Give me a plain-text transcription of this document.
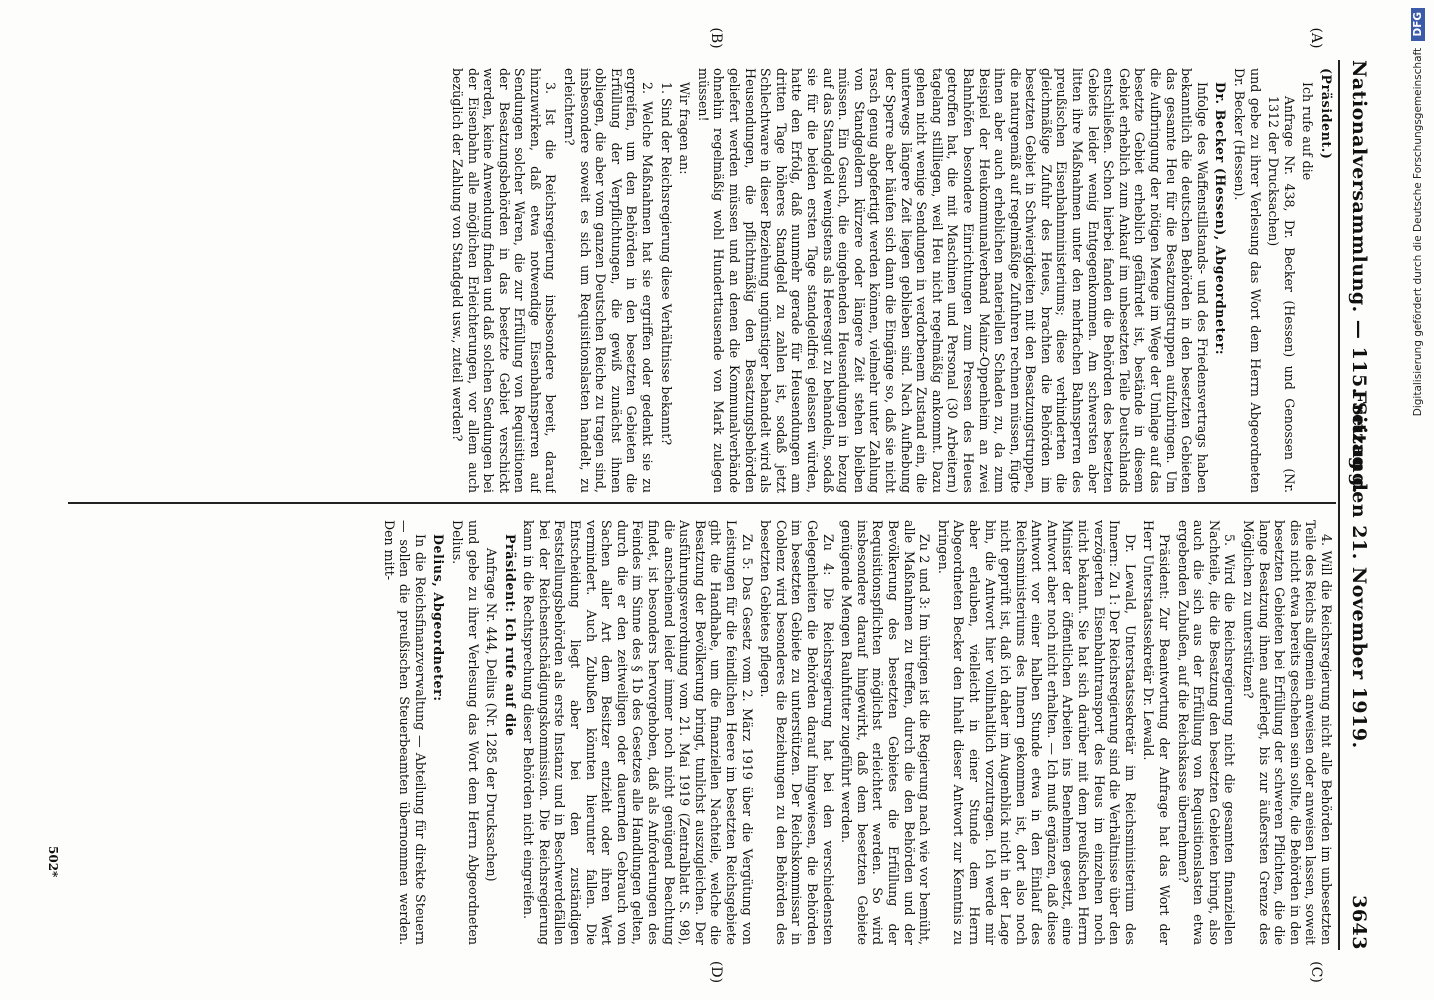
Nationalversammlung. — 115. Sitzung.
Freitag den 21. November 1919.
3643
(A)
(B)
(C)
(D)

(Präsident.)

Ich rufe auf die

Anfrage Nr. 438, Dr. Becker (Hessen) und Genossen (Nr. 1312 der Drucksachen)

und gebe zu ihrer Verlesung das Wort dem Herrn Abgeordneten Dr. Becker (Hessen).

Dr. Becker (Hessen), Abgeordneter:

Infolge des Waffenstillstands- und des Friedensvertrags haben bekanntlich die deutschen Behörden in den besetzten Gebieten das gesamte Heu für die Besatzungstruppen aufzubringen. Um die Aufbringung der nötigen Menge im Wege der Umlage auf das besetzte Gebiet erheblich gefährdet ist, bestände in diesem Gebiet erheblich zum Ankauf im unbesetzten Teile Deutschlands entschließen. Schon hierbei fanden die Behörden des besetzten Gebiets leider wenig Entgegenkommen. Am schwersten aber litten ihre Maßnahmen unter den mehrfachen Bahnsperren des preußischen Eisenbahnministeriums; diese verhinderten die gleichmäßige Zufuhr des Heues, brachten die Behörden im besetzten Gebiet in Schwierigkeiten mit den Besatzungstruppen, die naturgemäß auf regelmäßige Zufuhren rechnen müssen, fügte ihnen aber auch erheblichen materiellen Schaden zu, da zum Beispiel der Heukommunalverband Mainz-Oppenheim an zwei Bahnhöfen besondere Einrichtungen zum Pressen des Heues getroffen hat, die mit Maschinen und Personal (30 Arbeitern) tagelang stillliegen, weil Heu nicht regelmäßig ankommt. Dazu gehen nicht wenige Sendungen in verdorbenem Zustand ein, die unterwegs längere Zeit liegen geblieben sind. Nach Aufhebung der Sperre aber häufen sich dann die Eingänge so, daß sie nicht rasch genug abgefertigt werden können, vielmehr unter Zahlung von Standgeldern kürzere oder längere Zeit stehen bleiben müssen. Ein Gesuch, die eingehenden Heusendungen in bezug auf das Standgeld wenigstens als Heeresgut zu behandeln, sodaß sie für die beiden ersten Tage standgeldfrei gelassen würden, hatte den Erfolg, daß nunmehr gerade für Heusendungen am dritten Tage höheres Standgeld zu zahlen ist, sodaß jetzt Schlechtware in dieser Beziehung ungünstiger behandelt wird als Heusendungen, die pflichtmäßig den Besatzungsbehörden geliefert werden müssen und an denen die Kommunalverbände ohnehin regelmäßig wohl Hunderttausende von Mark zulegen müssen!

Wir fragen an:

1. Sind der Reichsregierung diese Verhältnisse bekannt?

2. Welche Maßnahmen hat sie ergriffen oder gedenkt sie zu ergreifen, um den Behörden in den besetzten Gebieten die Erfüllung der Verpflichtungen, die gewiß zunächst ihnen obliegen, die aber vom ganzen Deutschen Reiche zu tragen sind, insbesondere soweit es sich um Requisitionslasten handelt, zu erleichtern?

3. Ist die Reichsregierung insbesondere bereit, darauf hinzuwirken, daß etwa notwendige Eisenbahnsperren auf Sendungen solcher Waren, die zur Erfüllung von Requisitionen der Besatzungsbehörden in das besetzte Gebiet verschickt werden, keine Anwendung finden und daß solchen Sendungen bei der Eisenbahn alle möglichen Erleichterungen, vor allem auch bezüglich der Zahlung von Standgeld usw., zuteil werden?

4. Will die Reichsregierung nicht alle Behörden im unbesetzten Teile des Reichs allgemein anweisen oder anweisen lassen, soweit dies nicht etwa bereits geschehen sein sollte, die Behörden in den besetzten Gebieten bei Erfüllung der schweren Pflichten, die die lange Besatzung ihnen auferlegt, bis zur äußersten Grenze des Möglichen zu unterstützen?

5. Wird die Reichsregierung nicht die gesamten finanziellen Nachteile, die die Besatzung den besetzten Gebieten bringt, also auch die sich aus der Erfüllung von Requisitionslasten etwa ergebenden Zubußen, auf die Reichskasse übernehmen?

Präsident: Zur Beantwortung der Anfrage hat das Wort der Herr Unterstaatssekretär Dr. Lewald.

Dr. Lewald, Unterstaatssekretär im Reichsministerium des Innern: Zu 1: Der Reichsregierung sind die Verhältnisse über den verzögerten Eisenbahntransport des Heus im einzelnen noch nicht bekannt. Sie hat sich darüber mit dem preußischen Herrn Minister der öffentlichen Arbeiten ins Benehmen gesetzt, eine Antwort aber noch nicht erhalten. — Ich muß ergänzen, daß diese Antwort vor einer halben Stunde etwa in den Einlauf des Reichsministeriums des Innern gekommen ist, dort also noch nicht geprüft ist, daß ich daher im Augenblick nicht in der Lage bin, die Antwort hier vollinhaltlich vorzutragen. Ich werde mir aber erlauben, vielleicht in einer Stunde dem Herrn Abgeordneten Becker den Inhalt dieser Antwort zur Kenntnis zu bringen.

Zu 2 und 3: Im übrigen ist die Regierung nach wie vor bemüht, alle Maßnahmen zu treffen, durch die den Behörden und der Bevölkerung des besetzten Gebietes die Erfüllung der Requisitionspflichten möglichst erleichtert werden. So wird insbesondere darauf hingewirkt, daß dem besetzten Gebiete genügende Mengen Rauhfutter zugeführt werden.

Zu 4: Die Reichsregierung hat bei den verschiedensten Gelegenheiten die Behörden darauf hingewiesen, die Behörden im besetzten Gebiete zu unterstützen. Der Reichskommissar in Coblenz wird besonderes die Beziehungen zu den Behörden des besetzten Gebietes pflegen.

Zu 5: Das Gesetz vom 2. März 1919 über die Vergütung von Leistungen für die feindlichen Heere im besetzten Reichsgebiete gibt die Handhabe, um die finanziellen Nachteile, welche die Besatzung der Bevölkerung bringt, tunlichst auszugleichen. Der Ausführungsverordnung vom 21. Mai 1919 (Zentralblatt S. 98), die anscheinend leider immer noch nicht genügend Beachtung findet, ist besonders hervorgehoben, daß als Anforderungen des Feindes im Sinne des § 1b des Gesetzes alle Handlungen gelten, durch die er den zeitweiligen oder dauernden Gebrauch von Sachen aller Art dem Besitzer entzieht oder ihren Wert vermindert. Auch Zubußen könnten hierunter fallen. Die Entscheidung liegt aber bei den zuständigen Feststellungsbehörden als erste Instanz und in Beschwerdefällen bei der Reichsentschädigungskommission. Die Reichsregierung kann in die Rechtsprechung dieser Behörden nicht eingreifen.

Präsident: Ich rufe auf die

Anfrage Nr. 444, Delius (Nr. 1285 der Drucksachen)

und gebe zu ihrer Verlesung das Wort dem Herrn Abgeordneten Delius.

Delius, Abgeordneter:

In die Reichsfinanzverwaltung — Abteilung für direkte Steuern — sollen die preußischen Steuerbeamten übernommen werden. Den mitt-

502*
Digitalisierung gefördert durch die Deutsche Forschungsgemeinschaft DFG
